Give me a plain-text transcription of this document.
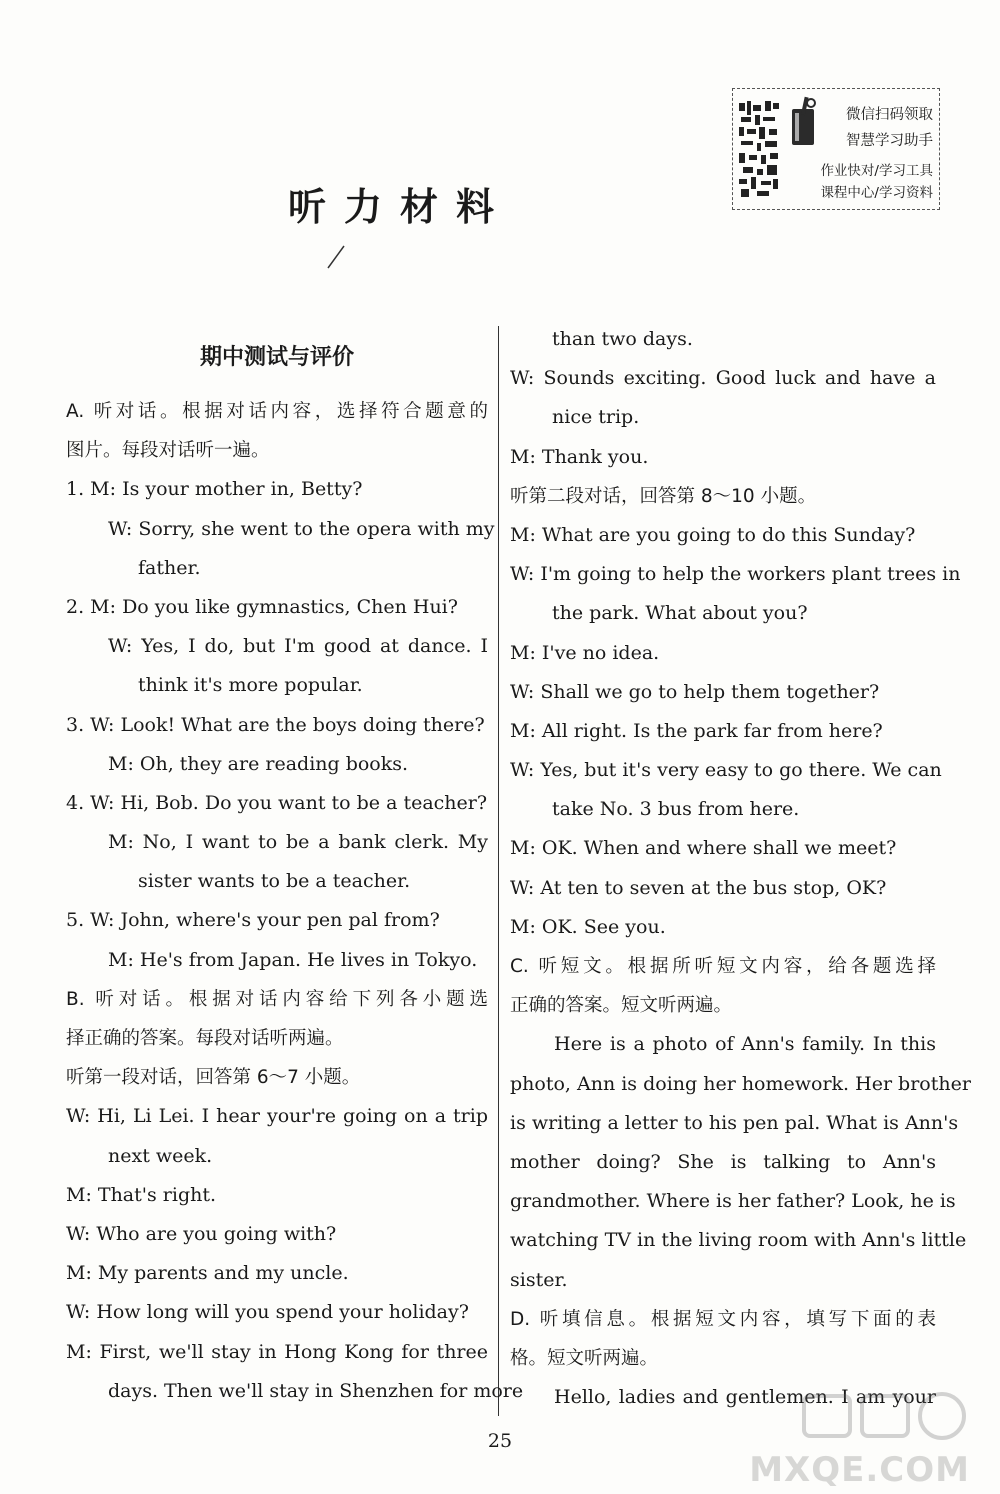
听力材料
微信扫码领取
智慧学习助手
作业快对/学习工具
课程中心/学习资料
期中测试与评价
A. 听对话。根据对话内容，选择符合题意的
图片。每段对话听一遍。
1. M: Is your mother in, Betty?
W: Sorry, she went to the opera with my
father.
2. M: Do you like gymnastics, Chen Hui?
W: Yes, I do, but I'm good at dance. I
think it's more popular.
3. W: Look! What are the boys doing there?
M: Oh, they are reading books.
4. W: Hi, Bob. Do you want to be a teacher?
M: No, I want to be a bank clerk. My
sister wants to be a teacher.
5. W: John, where's your pen pal from?
M: He's from Japan. He lives in Tokyo.
B. 听对话。根据对话内容给下列各小题选
择正确的答案。每段对话听两遍。
听第一段对话，回答第 6～7 小题。
W: Hi, Li Lei. I hear your're going on a trip
next week.
M: That's right.
W: Who are you going with?
M: My parents and my uncle.
W: How long will you spend your holiday?
M: First, we'll stay in Hong Kong for three
days. Then we'll stay in Shenzhen for more
than two days.
W: Sounds exciting. Good luck and have a
nice trip.
M: Thank you.
听第二段对话，回答第 8～10 小题。
M: What are you going to do this Sunday?
W: I'm going to help the workers plant trees in
the park. What about you?
M: I've no idea.
W: Shall we go to help them together?
M: All right. Is the park far from here?
W: Yes, but it's very easy to go there. We can
take No. 3 bus from here.
M: OK. When and where shall we meet?
W: At ten to seven at the bus stop, OK?
M: OK. See you.
C. 听短文。根据所听短文内容，给各题选择
正确的答案。短文听两遍。
Here is a photo of Ann's family. In this
photo, Ann is doing her homework. Her brother
is writing a letter to his pen pal. What is Ann's
mother doing? She is talking to Ann's
grandmother. Where is her father? Look, he is
watching TV in the living room with Ann's little
sister.
D. 听填信息。根据短文内容，填写下面的表
格。短文听两遍。
Hello, ladies and gentlemen. I am your
25
MXQE.COM
